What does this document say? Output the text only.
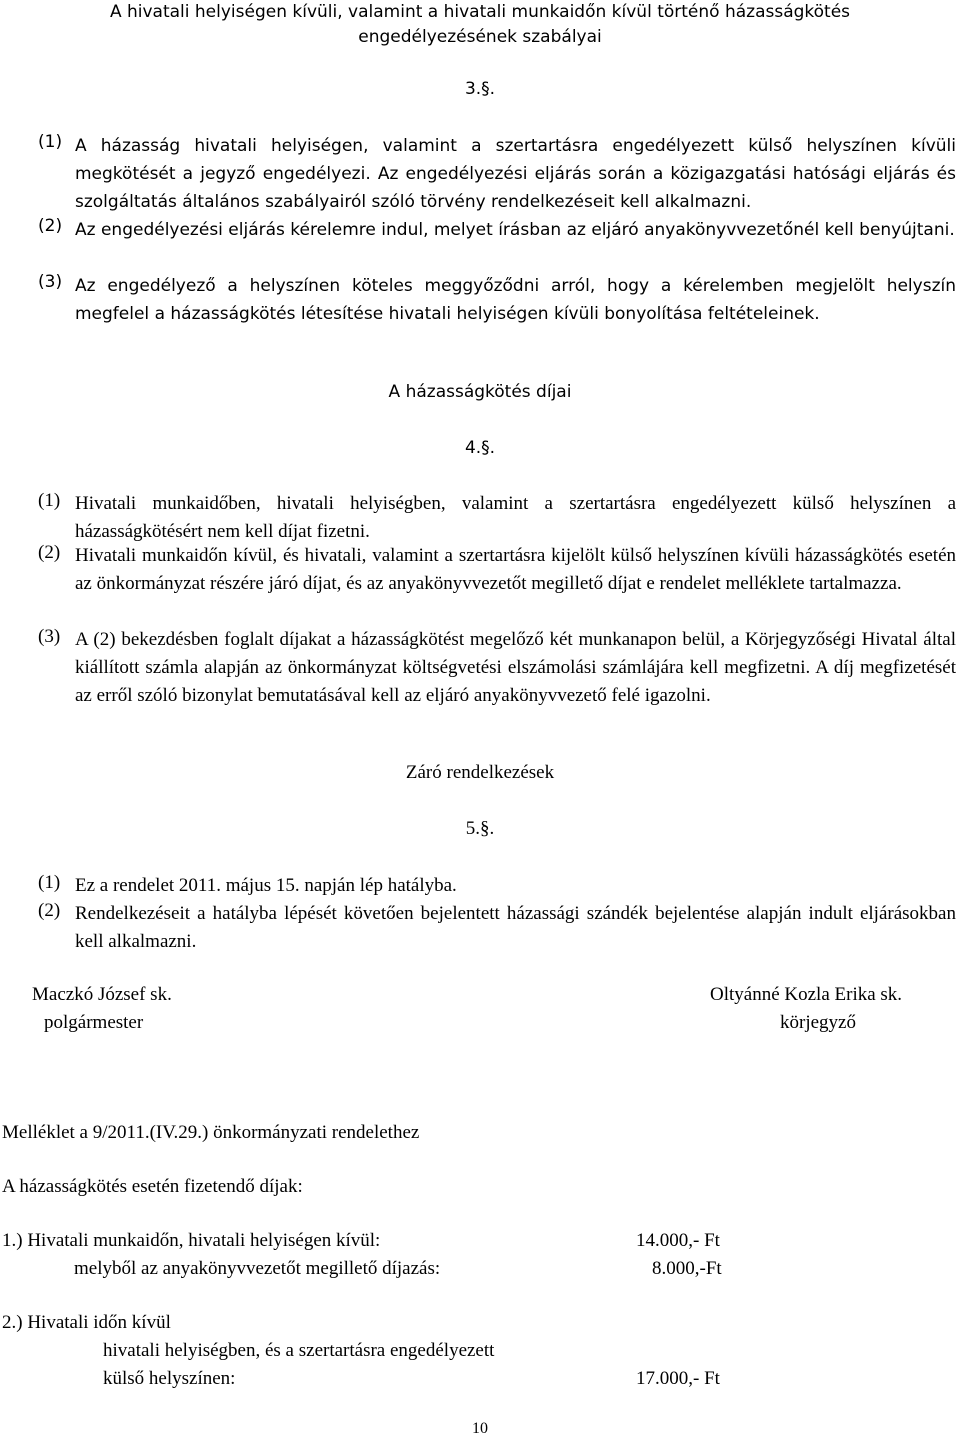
A hivatali helyiségen kívüli, valamint a hivatali munkaidőn kívül történő házasságkötés
engedélyezésének szabályai
3.§.
(1) A házasság hivatali helyiségen, valamint a szertartásra engedélyezett külső helyszínen kívüli megkötését a jegyző engedélyezi. Az engedélyezési eljárás során a közigazgatási hatósági eljárás és szolgáltatás általános szabályairól szóló törvény rendelkezéseit kell alkalmazni.
(2) Az engedélyezési eljárás kérelemre indul, melyet írásban az eljáró anyakönyvvezetőnél kell benyújtani.
(3) Az engedélyező a helyszínen köteles meggyőződni arról, hogy a kérelemben megjelölt helyszín megfelel a házasságkötés létesítése hivatali helyiségen kívüli bonyolítása feltételeinek.
A házasságkötés díjai
4.§.
(1) Hivatali munkaidőben, hivatali helyiségben, valamint a szertartásra engedélyezett külső helyszínen a házasságkötésért nem kell díjat fizetni.
(2) Hivatali munkaidőn kívül, és hivatali, valamint a szertartásra kijelölt külső helyszínen kívüli házasságkötés esetén az önkormányzat részére járó díjat, és az anyakönyvvezetőt megillető díjat e rendelet melléklete tartalmazza.
(3) A (2) bekezdésben foglalt díjakat a házasságkötést megelőző két munkanapon belül, a Körjegyzőségi Hivatal által kiállított számla alapján az önkormányzat költségvetési elszámolási számlájára kell megfizetni. A díj megfizetését az erről szóló bizonylat bemutatásával kell az eljáró anyakönyvvezető felé igazolni.
Záró rendelkezések
5.§.
(1) Ez a rendelet 2011. május 15. napján lép hatályba.
(2) Rendelkezéseit a hatályba lépését követően bejelentett házassági szándék bejelentése alapján indult eljárásokban kell alkalmazni.
Maczkó József sk.
polgármester
Oltyánné Kozla Erika sk.
körjegyző
Melléklet a 9/2011.(IV.29.) önkormányzati rendelethez
A házasságkötés esetén fizetendő díjak:
1.) Hivatali munkaidőn, hivatali helyiségen kívül:	14.000,- Ft
melyből az anyakönyvvezetőt megillető díjazás:	8.000,-Ft
2.) Hivatali időn kívül
hivatali helyiségben, és a szertartásra engedélyezett
külső helyszínen:	17.000,- Ft
10
